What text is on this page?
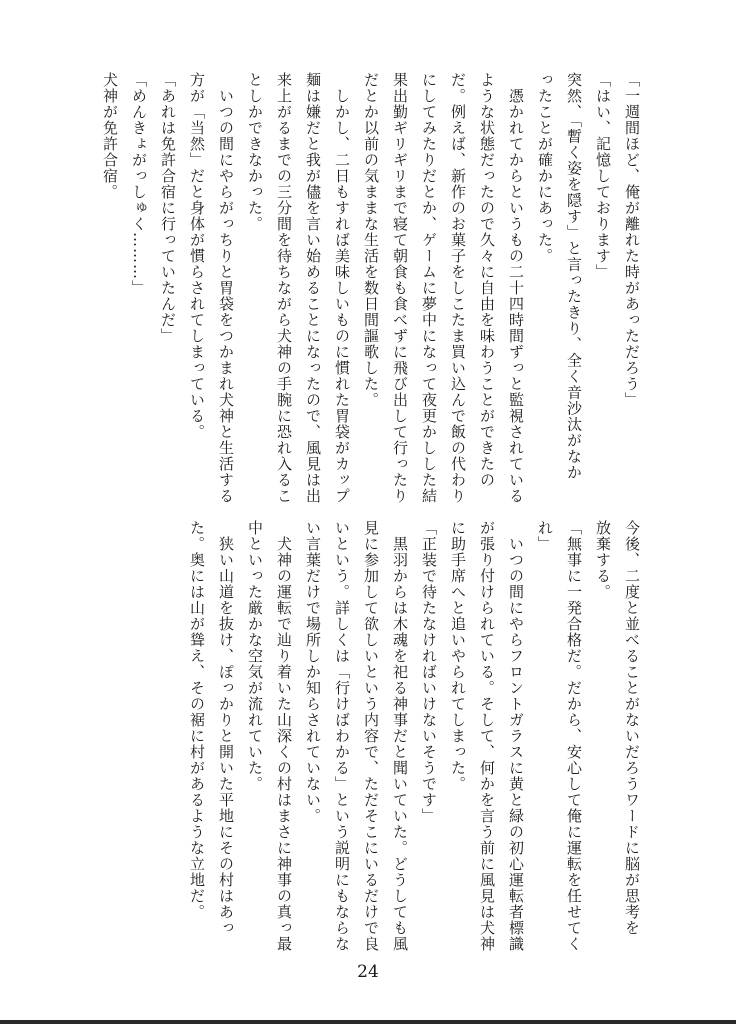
「一週間ほど、俺が離れた時があっただろう」
「はい、記憶しております」
突然、「暫く姿を隠す」と言ったきり、全く音沙汰がなか
ったことが確かにあった。
　憑かれてからというもの二十四時間ずっと監視されている
ような状態だったので久々に自由を味わうことができたの
だ。例えば、新作のお菓子をしこたま買い込んで飯の代わり
にしてみたりだとか、ゲームに夢中になって夜更かしした結
果出勤ギリギリまで寝て朝食も食べずに飛び出して行ったり
だとか以前の気ままな生活を数日間謳歌した。
　しかし、二日もすれば美味しいものに慣れた胃袋がカップ
麺は嫌だと我が儘を言い始めることになったので、風見は出
来上がるまでの三分間を待ちながら犬神の手腕に恐れ入るこ
としかできなかった。
　いつの間にやらがっちりと胃袋をつかまれ犬神と生活する
方が「当然」だと身体が慣らされてしまっている。
「あれは免許合宿に行っていたんだ」
「めんきょがっしゅく………」
犬神が免許合宿。
今後、二度と並べることがないだろうワードに脳が思考を
放棄する。
「無事に一発合格だ。だから、安心して俺に運転を任せてく
れ」
　いつの間にやらフロントガラスに黄と緑の初心運転者標識
が張り付けられている。そして、何かを言う前に風見は犬神
に助手席へと追いやられてしまった。
「正装で待たなければいけないそうです」
　黒羽からは木魂を祀る神事だと聞いていた。どうしても風
見に参加して欲しいという内容で、ただそこにいるだけで良
いという。詳しくは「行けばわかる」という説明にもならな
い言葉だけで場所しか知らされていない。
　犬神の運転で辿り着いた山深くの村はまさに神事の真っ最
中といった厳かな空気が流れていた。
　狭い山道を抜け、ぽっかりと開いた平地にその村はあっ
た。奥には山が聳え、その裾に村があるような立地だ。
24
